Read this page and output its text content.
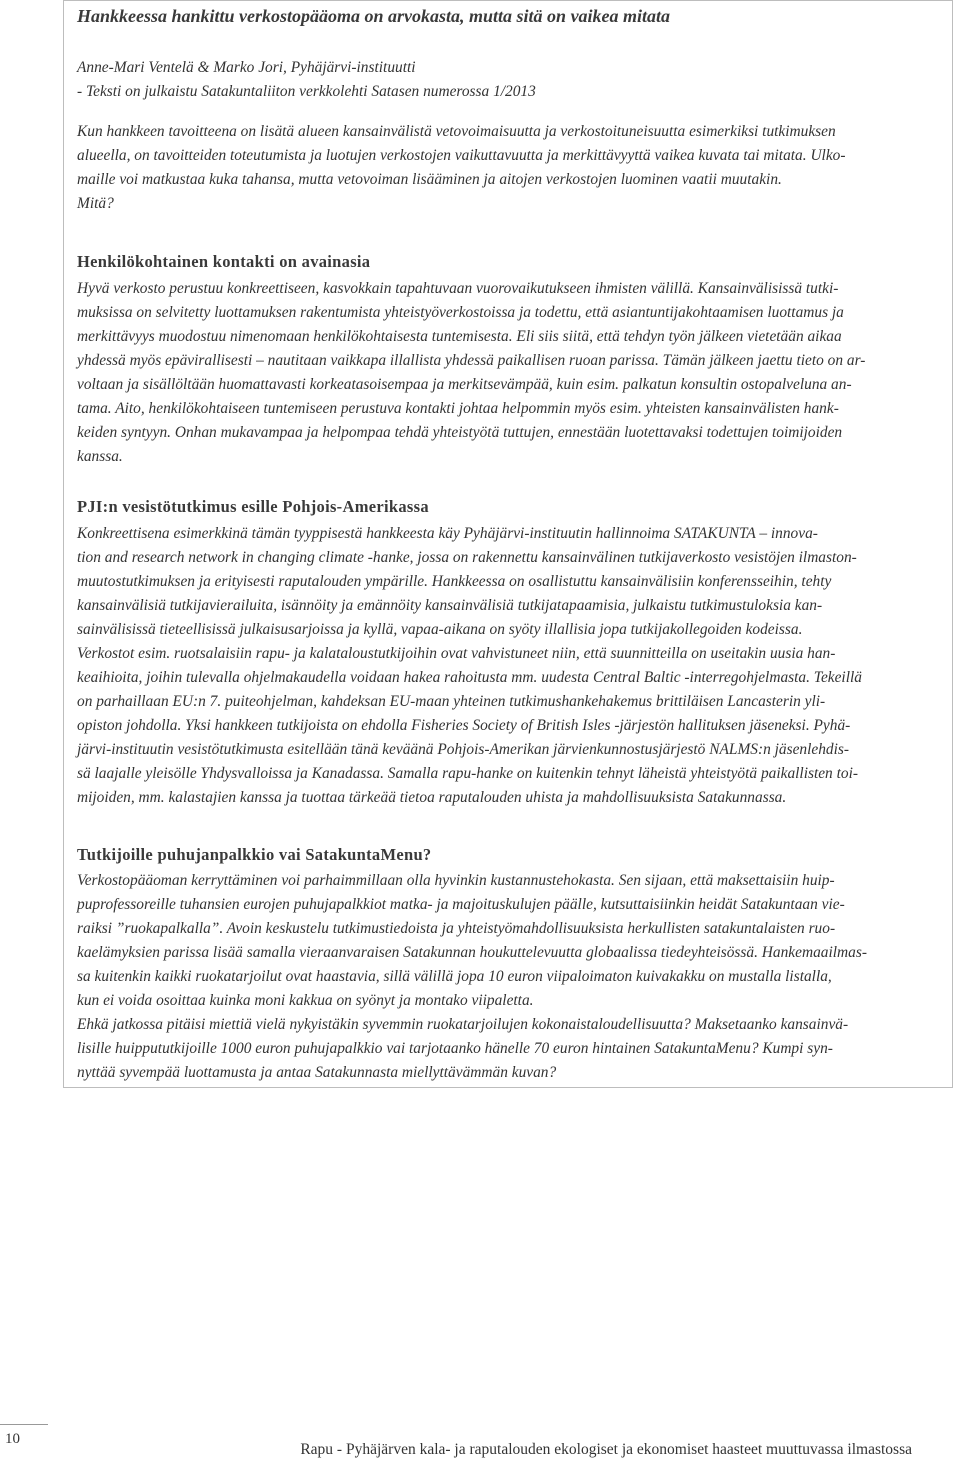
Hankkeessa hankittu verkostopääoma on arvokasta, mutta sitä on vaikea mitata

Anne-Mari Ventelä & Marko Jori, Pyhäjärvi-instituutti
- Teksti on julkaistu Satakuntaliiton verkkolehti Satasen numerossa 1/2013

Kun hankkeen tavoitteena on lisätä alueen kansainvälistä vetovoimaisuutta ja verkostoituneisuutta esimerkiksi tutkimuksen
alueella, on tavoitteiden toteutumista ja luotujen verkostojen vaikuttavuutta ja merkittävyyttä vaikea kuvata tai mitata. Ulko-
maille voi matkustaa kuka tahansa, mutta vetovoiman lisääminen ja aitojen verkostojen luominen vaatii muutakin.
Mitä?

Henkilökohtainen kontakti on avainasia

Hyvä verkosto perustuu konkreettiseen, kasvokkain tapahtuvaan vuorovaikutukseen ihmisten välillä. Kansainvälisissä tutki-
muksissa on selvitetty luottamuksen rakentumista yhteistyöverkostoissa ja todettu, että asiantuntijakohtaamisen luottamus ja
merkittävyys muodostuu nimenomaan henkilökohtaisesta tuntemisesta. Eli siis siitä, että tehdyn työn jälkeen vietetään aikaa
yhdessä myös epävirallisesti – nautitaan vaikkapa illallista yhdessä paikallisen ruoan parissa. Tämän jälkeen jaettu tieto on ar-
voltaan ja sisällöltään huomattavasti korkeatasoisempaa ja merkitsevämpää, kuin esim. palkatun konsultin ostopalveluna an-
tama. Aito, henkilökohtaiseen tuntemiseen perustuva kontakti johtaa helpommin myös esim. yhteisten kansainvälisten hank-
keiden syntyyn. Onhan mukavampaa ja helpompaa tehdä yhteistyötä tuttujen, ennestään luotettavaksi todettujen toimijoiden
kanssa.

PJI:n vesistötutkimus esille Pohjois-Amerikassa

Konkreettisena esimerkkinä tämän tyyppisestä hankkeesta käy Pyhäjärvi-instituutin hallinnoima SATAKUNTA – innova-
tion and research network in changing climate -hanke, jossa on rakennettu kansainvälinen tutkijaverkosto vesistöjen ilmaston-
muutostutkimuksen ja erityisesti raputalouden ympärille. Hankkeessa on osallistuttu kansainvälisiin konferensseihin, tehty
kansainvälisiä tutkijavierailuita, isännöity ja emännöity kansainvälisiä tutkijatapaamisia, julkaistu tutkimustuloksia kan-
sainvälisissä tieteellisissä julkaisusarjoissa ja kyllä, vapaa-aikana on syöty illallisia jopa tutkijakollegoiden kodeissa.
Verkostot esim. ruotsalaisiin rapu- ja kalataloustutkijoihin ovat vahvistuneet niin, että suunnitteilla on useitakin uusia han-
keaihioita, joihin tulevalla ohjelmakaudella voidaan hakea rahoitusta mm. uudesta Central Baltic -interregohjelmasta. Tekeillä
on parhaillaan EU:n 7. puiteohjelman, kahdeksan EU-maan yhteinen tutkimushankehakemus brittiläisen Lancasterin yli-
opiston johdolla. Yksi hankkeen tutkijoista on ehdolla Fisheries Society of British Isles -järjestön hallituksen jäseneksi. Pyhä-
järvi-instituutin vesistötutkimusta esitellään tänä keväänä Pohjois-Amerikan järvienkunnostusjärjestö NALMS:n jäsenlehdis-
sä laajalle yleisölle Yhdysvalloissa ja Kanadassa. Samalla rapu-hanke on kuitenkin tehnyt läheistä yhteistyötä paikallisten toi-
mijoiden, mm. kalastajien kanssa ja tuottaa tärkeää tietoa raputalouden uhista ja mahdollisuuksista Satakunnassa.

Tutkijoille puhujanpalkkio vai SatakuntaMenu?

Verkostopääoman kerryttäminen voi parhaimmillaan olla hyvinkin kustannustehokasta. Sen sijaan, että maksettaisiin huip-
puprofessoreille tuhansien eurojen puhujapalkkiot matka- ja majoituskulujen päälle, kutsuttaisiinkin heidät Satakuntaan vie-
raiksi ”ruokapalkalla”. Avoin keskustelu tutkimustiedoista ja yhteistyömahdollisuuksista herkullisten satakuntalaisten ruo-
kaelämyksien parissa lisää samalla vieraanvaraisen Satakunnan houkuttelevuutta globaalissa tiedeyhteisössä. Hankemaailmas-
sa kuitenkin kaikki ruokatarjoilut ovat haastavia, sillä välillä jopa 10 euron viipaloimaton kuivakakku on mustalla listalla,
kun ei voida osoittaa kuinka moni kakkua on syönyt ja montako viipaletta.
Ehkä jatkossa pitäisi miettiä vielä nykyistäkin syvemmin ruokatarjoilujen kokonaistaloudellisuutta? Maksetaanko kansainvä-
lisille huippututkijoille 1000 euron puhujapalkkio vai tarjotaanko hänelle 70 euron hintainen SatakuntaMenu? Kumpi syn-
nyttää syvempää luottamusta ja antaa Satakunnasta miellyttävämmän kuvan?

10
Rapu - Pyhäjärven kala- ja raputalouden ekologiset ja ekonomiset haasteet muuttuvassa ilmastossa
